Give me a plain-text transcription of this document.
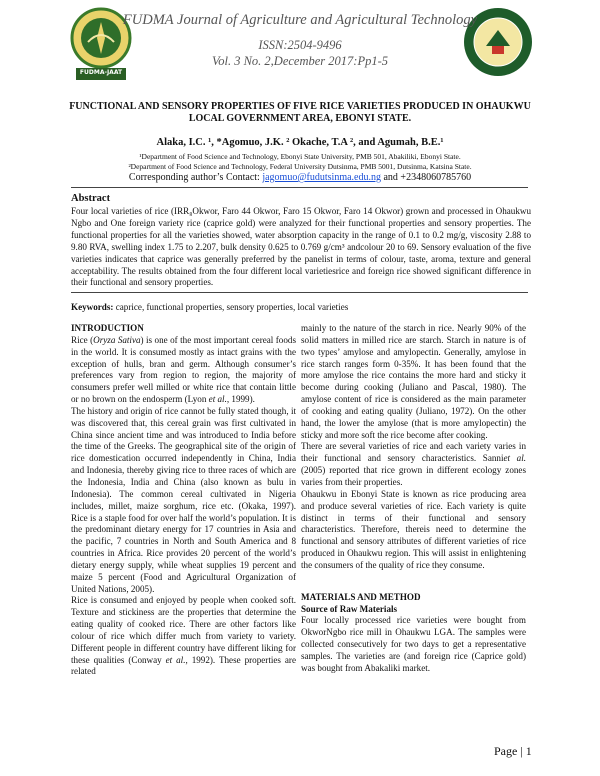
FUDMA-JAAT
FUDMA Journal of Agriculture and Agricultural Technology
ISSN:2504-9496
Vol. 3 No. 2,December 2017:Pp1-5
FUNCTIONAL AND SENSORY PROPERTIES OF FIVE RICE VARIETIES PRODUCED IN OHAUKWU
LOCAL GOVERNMENT AREA, EBONYI STATE.
Alaka, I.C. ¹, *Agomuo, J.K. ² Okache, T.A ², and Agumah, B.E.¹
¹Department of Food Science and Technology, Ebonyi State University, PMB 501, Abakiliki, Ebonyi State.
²Department of Food Science and Technology, Federal University Dutsinma, PMB 5001, Dutsinma, Katsina State.
Corresponding author’s Contact: jagomuo@fudutsinma.edu.ng and +2348060785760
Abstract
Four local varieties of rice (IRR₈Okwor, Faro 44 Okwor, Faro 15 Okwor, Faro 14 Okwor) grown and processed in Ohaukwu Ngbo and One foreign variety rice (caprice gold) were analyzed for their functional properties and sensory properties. The functional properties for all the varieties showed, water absorption capacity in the range of 0.1 to 0.2 mg/g, viscosity 2.88 to 9.80 RVA, swelling index 1.75 to 2.207, bulk density 0.625 to 0.769 g/cm³ andcolour 20 to 69. Sensory evaluation of the five varieties indicates that caprice was generally preferred by the panelist in terms of colour, taste, aroma, texture and general acceptability. The results obtained from the four different local varietiesrice and foreign rice showed significant difference in their functional and sensory properties.
Keywords: caprice, functional properties, sensory properties, local varieties

INTRODUCTION

Rice (Oryza Sativa) is one of the most important cereal foods in the world. It is consumed mostly as intact grains with the exception of hulls, bran and germ. Although consumer’s preferences vary from region to region, the majority of consumers prefer well milled or white rice that contain little or no brown on the endosperm (Lyon et al., 1999).

The history and origin of rice cannot be fully stated though, it was discovered that, this cereal grain was first cultivated in China since ancient time and was introduced to India before the time of the Greeks. The geographical site of the origin of rice domestication occurred independently in China, India and Indonesia, thereby giving rice to three races of which are the Indonesia, India and China (also known as bulu in Indonesia). The common cereal cultivated in Nigeria includes, millet, maize sorghum, rice etc. (Okaka, 1997). Rice is a staple food for over half the world’s population. It is the predominant dietary energy for 17 countries in Asia and the pacific, 7 countries in North and South America and 8 countries in Africa. Rice provides 20 percent of the world’s dietary energy supply, while wheat supplies 19 percent and maize 5 percent (Food and Agricultural Organization of United Nations, 2005).

Rice is consumed and enjoyed by people when cooked soft. Texture and stickiness are the properties that determine the eating quality of cooked rice. There are other factors like colour of rice which differ much from variety to variety. Different people in different country have different liking for these qualities (Conway et al., 1992). These properties are related

mainly to the nature of the starch in rice. Nearly 90% of the solid matters in milled rice are starch. Starch in nature is of two types’ amylose and amylopectin. Generally, amylose in rice starch ranges form 0-35%. It has been found that the more amylose the rice contains the more hard and sticky it become during cooking (Juliano and Pascal, 1980). The amylose content of rice is considered as the main parameter of cooking and eating quality (Juliano, 1972). On the other hand, the lower the amylose (that is more amylopectin) the sticky and more soft the rice become after cooking.

There are several varieties of rice and each variety varies in their functional and sensory characteristics. Sanniet al. (2005) reported that rice grown in different ecology zones varies from their properties.

Ohaukwu in Ebonyi State is known as rice producing area and produce several varieties of rice. Each variety is quite distinct in terms of their functional and sensory characteristics. Therefore, thereis need to determine the functional and sensory attributes of different varieties of rice produced in Ohaukwu region. This will assist in enlightening the consumers of the quality of rice they consume.

MATERIALS AND METHOD

Source of Raw Materials

Four locally processed rice varieties were bought from OkworNgbo rice mill in Ohaukwu LGA. The samples were collected consecutively for two days to get a representative samples. The varieties are (and foreign rice (Caprice gold) was bought from Abakaliki market.

Page | 1
